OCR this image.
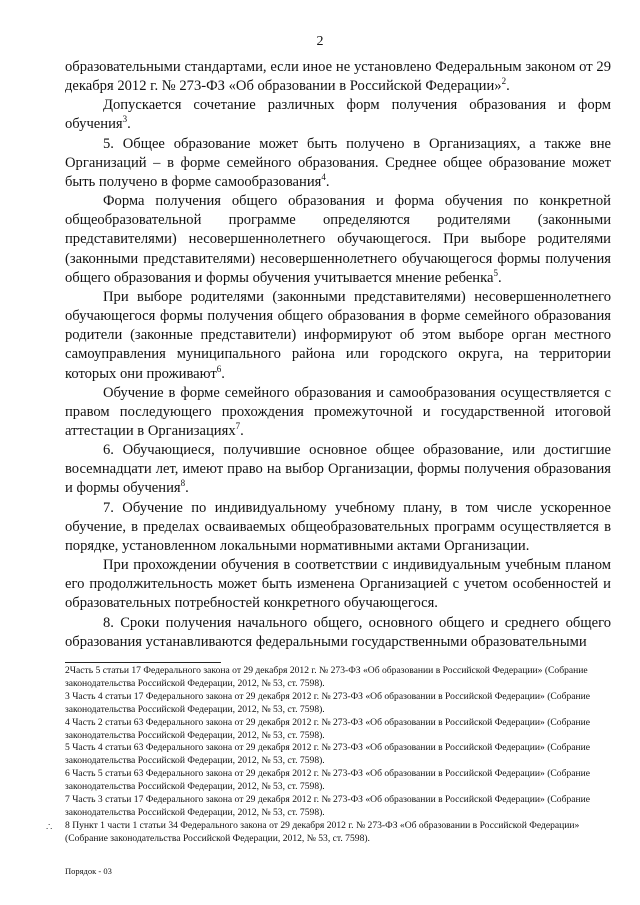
2

образовательными стандартами, если иное не установлено Федеральным законом от 29 декабря 2012 г. № 273-ФЗ «Об образовании в Российской Федерации»$^2$.

Допускается сочетание различных форм получения образования и форм обучения$^3$.

5. Общее образование может быть получено в Организациях, а также вне Организаций – в форме семейного образования. Среднее общее образование может быть получено в форме самообразования$^4$.

Форма получения общего образования и форма обучения по конкретной общеобразовательной программе определяются родителями (законными представителями) несовершеннолетнего обучающегося. При выборе родителями (законными представителями) несовершеннолетнего обучающегося формы получения общего образования и формы обучения учитывается мнение ребенка$^5$.

При выборе родителями (законными представителями) несовершеннолетнего обучающегося формы получения общего образования в форме семейного образования родители (законные представители) информируют об этом выборе орган местного самоуправления муниципального района или городского округа, на территории которых они проживают$^6$.

Обучение в форме семейного образования и самообразования осуществляется с правом последующего прохождения промежуточной и государственной итоговой аттестации в Организациях$^7$.

6. Обучающиеся, получившие основное общее образование, или достигшие восемнадцати лет, имеют право на выбор Организации, формы получения образования и формы обучения$^8$.

7. Обучение по индивидуальному учебному плану, в том числе ускоренное обучение, в пределах осваиваемых общеобразовательных программ осуществляется в порядке, установленном локальными нормативными актами Организации.

При прохождении обучения в соответствии с индивидуальным учебным планом его продолжительность может быть изменена Организацией с учетом особенностей и образовательных потребностей конкретного обучающегося.

8. Сроки получения начального общего, основного общего и среднего общего образования устанавливаются федеральными государственными образовательными

2Часть 5 статьи 17 Федерального закона от 29 декабря 2012 г. № 273-ФЗ «Об образовании в Российской Федерации» (Собрание законодательства Российской Федерации, 2012, № 53, ст. 7598).

3 Часть 4 статьи 17 Федерального закона от 29 декабря 2012 г. № 273-ФЗ «Об образовании в Российской Федерации» (Собрание законодательства Российской Федерации, 2012, № 53, ст. 7598).

4 Часть 2 статьи 63 Федерального закона от 29 декабря 2012 г. № 273-ФЗ «Об образовании в Российской Федерации» (Собрание законодательства Российской Федерации, 2012, № 53, ст. 7598).

5 Часть 4 статьи 63 Федерального закона от 29 декабря 2012 г. № 273-ФЗ «Об образовании в Российской Федерации» (Собрание законодательства Российской Федерации, 2012, № 53, ст. 7598).

6 Часть 5 статьи 63 Федерального закона от 29 декабря 2012 г. № 273-ФЗ «Об образовании в Российской Федерации» (Собрание законодательства Российской Федерации, 2012, № 53, ст. 7598).

7 Часть 3 статьи 17 Федерального закона от 29 декабря 2012 г. № 273-ФЗ «Об образовании в Российской Федерации» (Собрание законодательства Российской Федерации, 2012, № 53, ст. 7598).

8 Пункт 1 части 1 статьи 34 Федерального закона от 29 декабря 2012 г. № 273-ФЗ «Об образовании в Российской Федерации» (Собрание законодательства Российской Федерации, 2012, № 53, ст. 7598).

∴
Порядок - 03
